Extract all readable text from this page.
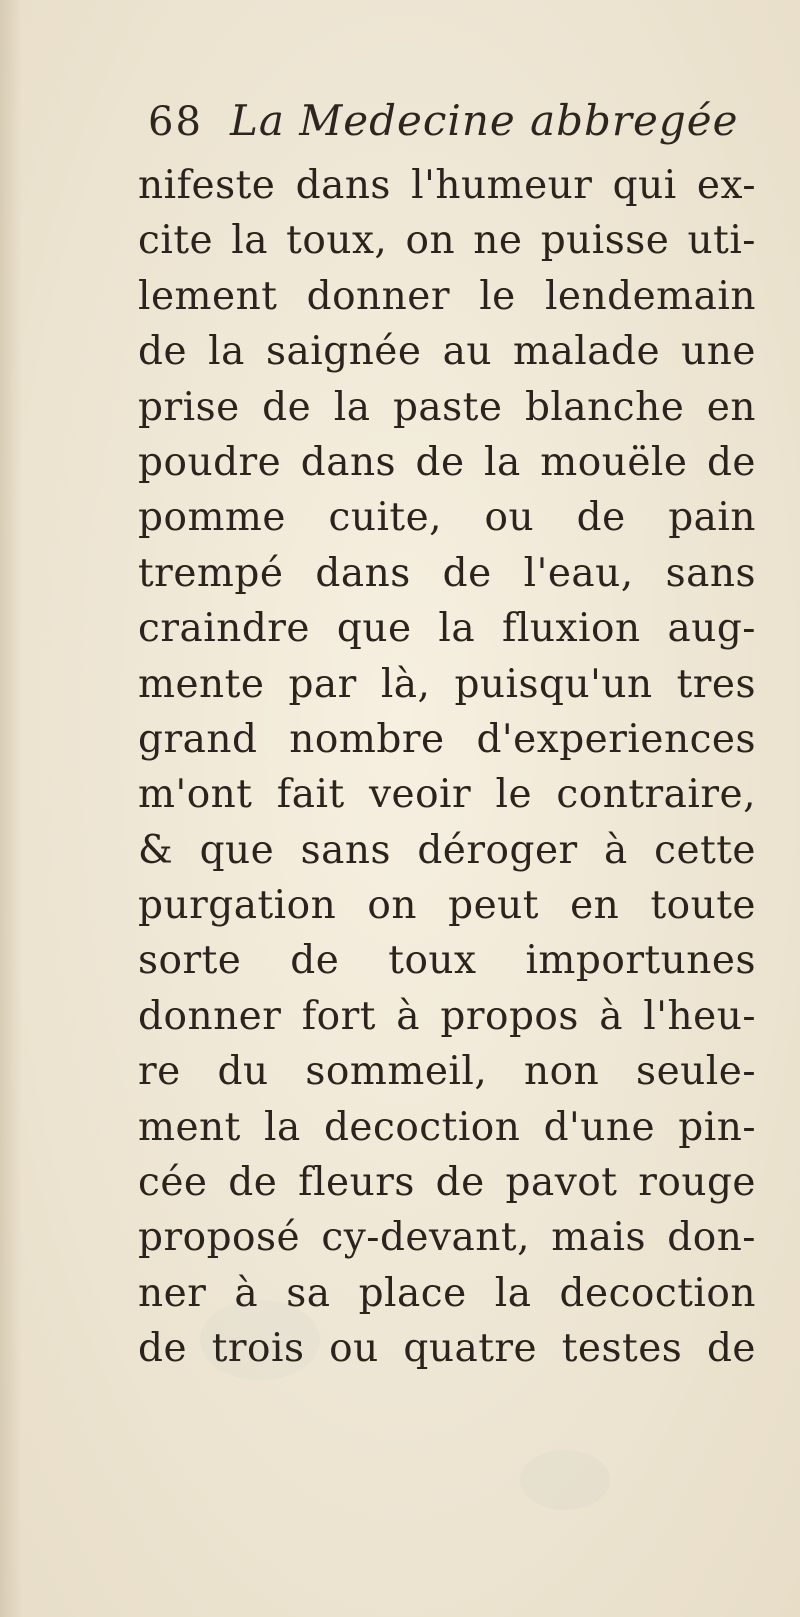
68 La Medecine abbregée
nifeste dans l'humeur qui ex-
cite la toux, on ne puisse uti-
lement donner le lendemain
de la saignée au malade une
prise de la paste blanche en
poudre dans de la mouële de
pomme cuite, ou de pain
trempé dans de l'eau, sans
craindre que la fluxion aug-
mente par là, puisqu'un tres
grand nombre d'experiences
m'ont fait veoir le contraire,
& que sans déroger à cette
purgation on peut en toute
sorte de toux importunes
donner fort à propos à l'heu-
re du sommeil, non seule-
ment la decoction d'une pin-
cée de fleurs de pavot rouge
proposé cy-devant, mais don-
ner à sa place la decoction
de trois ou quatre testes de
